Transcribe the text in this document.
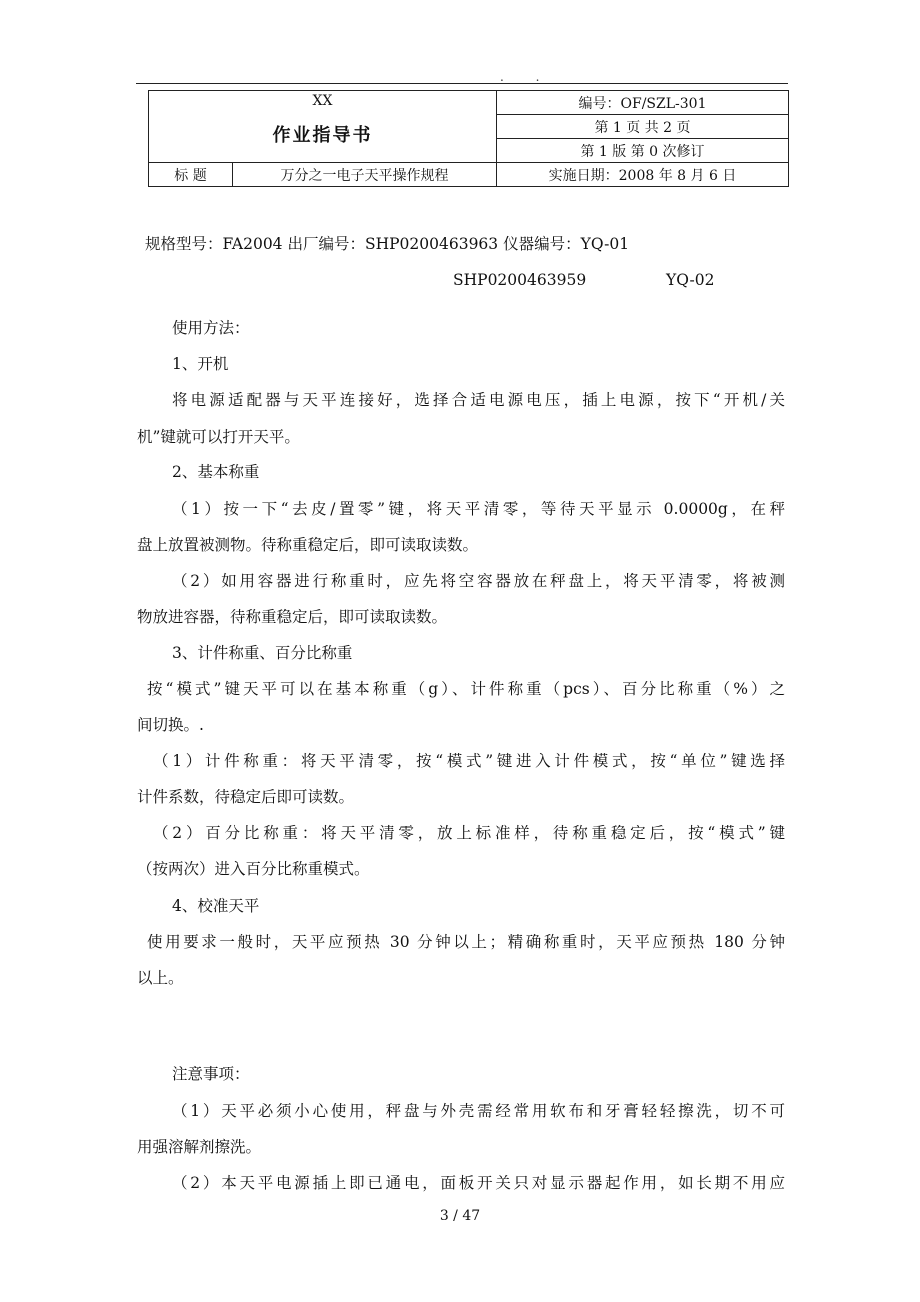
. .
XX
作业指导书		编号：OF/SZL-301
		第 1 页 共 2 页
		第 1 版 第 0 次修订
标 题	万分之一电子天平操作规程	实施日期：2008 年 8 月 6 日
规格型号：FA2004 出厂编号：SHP0200463963 仪器编号：YQ-01
SHP0200463959	YQ-02
使用方法：
1、开机
将电源适配器与天平连接好，选择合适电源电压，插上电源，按下“开机/关
机”键就可以打开天平。
2、基本称重
（1）按一下“去皮/置零”键，将天平清零，等待天平显示 0.0000g，在秤
盘上放置被测物。待称重稳定后，即可读取读数。
（2）如用容器进行称重时，应先将空容器放在秤盘上，将天平清零，将被测
物放进容器，待称重稳定后，即可读取读数。
3、计件称重、百分比称重
按“模式”键天平可以在基本称重（g）、计件称重（pcs）、百分比称重（%）之
间切换。.
（1）计件称重：将天平清零，按“模式”键进入计件模式，按“单位”键选择
计件系数，待稳定后即可读数。
（2）百分比称重：将天平清零，放上标准样，待称重稳定后，按“模式”键
（按两次）进入百分比称重模式。
4、校准天平
使用要求一般时，天平应预热 30 分钟以上；精确称重时，天平应预热 180 分钟
以上。
注意事项：
（1）天平必须小心使用，秤盘与外壳需经常用软布和牙膏轻轻擦洗，切不可
用强溶解剂擦洗。
（2）本天平电源插上即已通电，面板开关只对显示器起作用，如长期不用应
3 / 47
